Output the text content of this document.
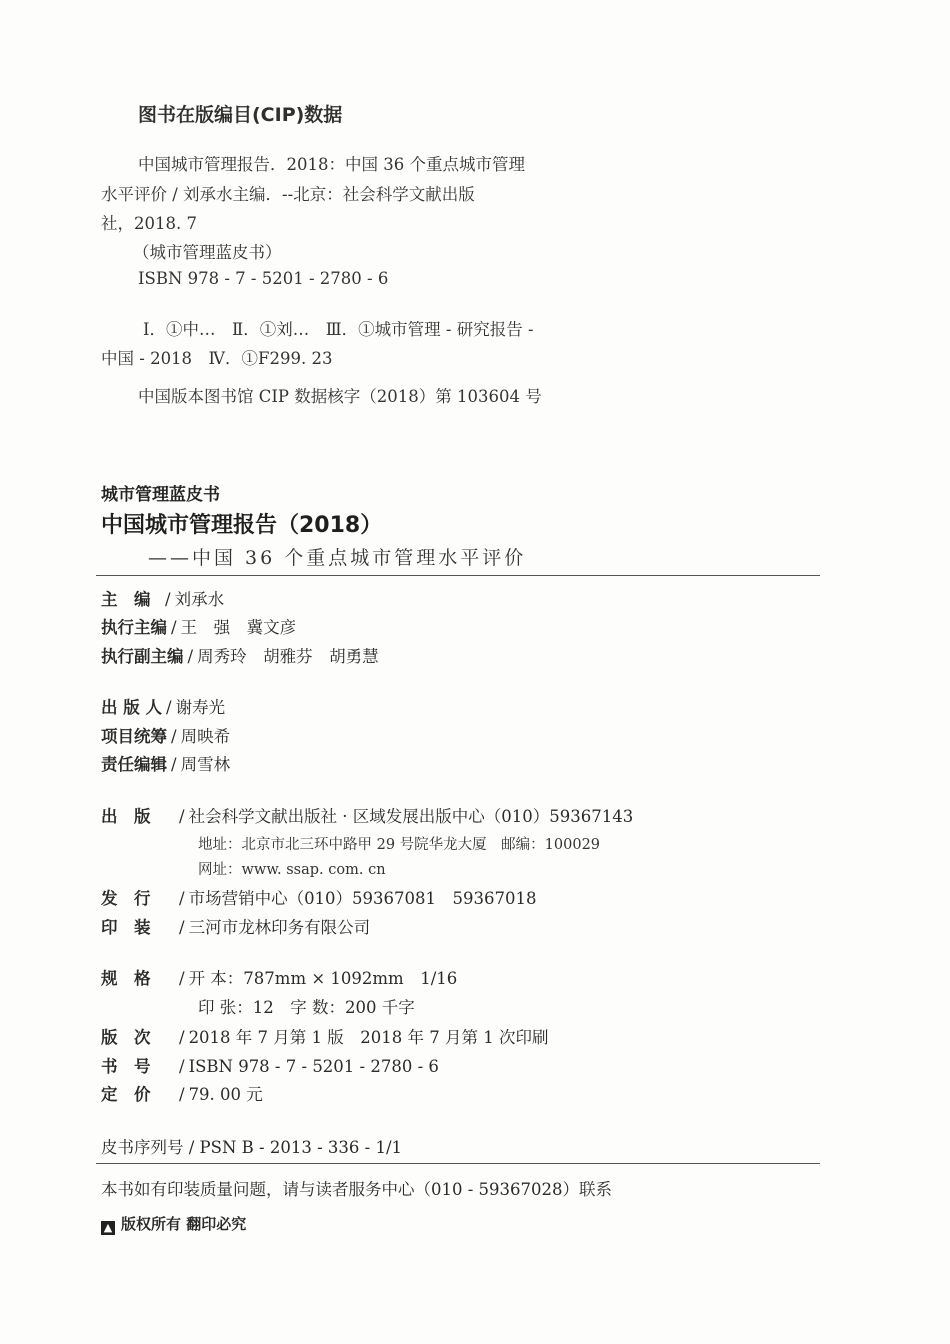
图书在版编目(CIP)数据
中国城市管理报告．2018：中国 36 个重点城市管理
水平评价 / 刘承水主编．--北京：社会科学文献出版
社，2018. 7
（城市管理蓝皮书）
ISBN 978 - 7 - 5201 - 2780 - 6
Ⅰ．①中…　Ⅱ．①刘…　Ⅲ．①城市管理 - 研究报告 -
中国 - 2018　Ⅳ．①F299. 23
中国版本图书馆 CIP 数据核字（2018）第 103604 号
城市管理蓝皮书
中国城市管理报告（2018）
——中国 36 个重点城市管理水平评价
主　编 / 刘承水
执行主编 / 王　强　冀文彦
执行副主编 / 周秀玲　胡雅芬　胡勇慧
出 版 人 / 谢寿光
项目统筹 / 周映希
责任编辑 / 周雪林
出　版 / 社会科学文献出版社 · 区域发展出版中心（010）59367143
地址：北京市北三环中路甲 29 号院华龙大厦　邮编：100029
网址：www. ssap. com. cn
发　行 / 市场营销中心（010）59367081　59367018
印　装 / 三河市龙林印务有限公司
规　格 / 开 本：787mm × 1092mm　1/16
印 张：12　字 数：200 千字
版　次 / 2018 年 7 月第 1 版　2018 年 7 月第 1 次印刷
书　号 / ISBN 978 - 7 - 5201 - 2780 - 6
定　价 / 79. 00 元
皮书序列号 / PSN B - 2013 - 336 - 1/1
本书如有印装质量问题，请与读者服务中心（010 - 59367028）联系
▲ 版权所有 翻印必究
